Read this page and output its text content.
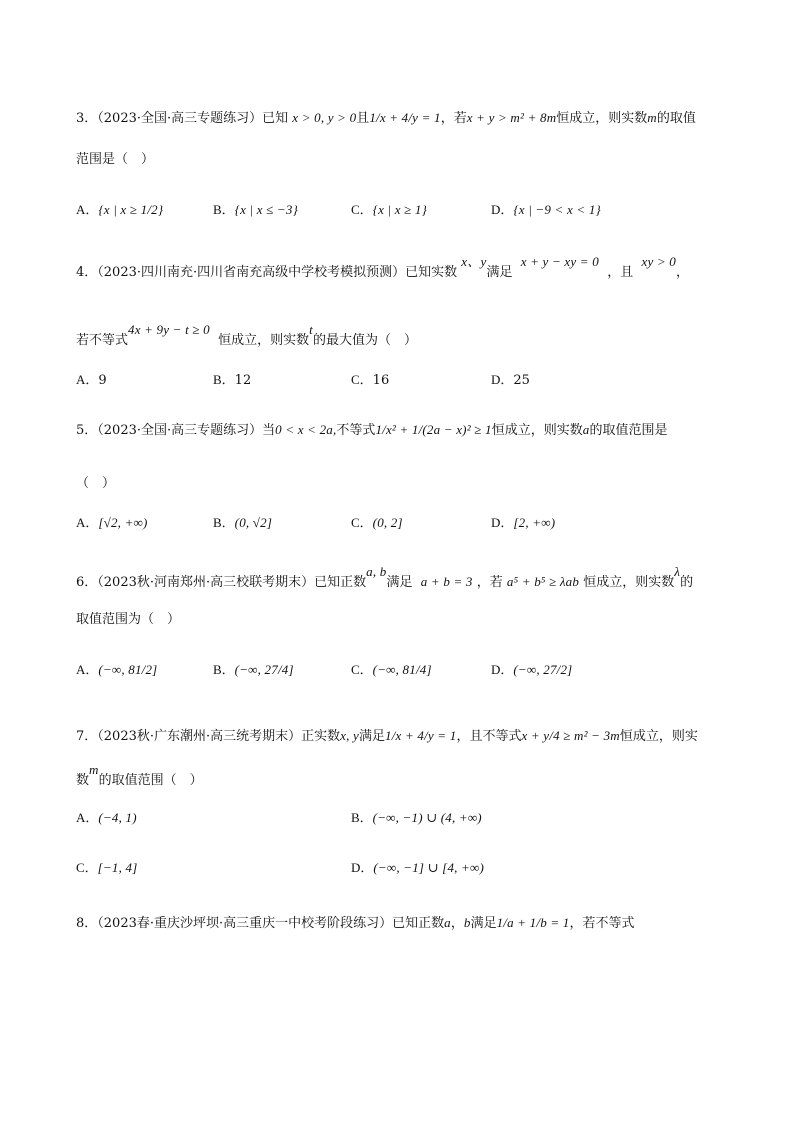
3．（2023·全国·高三专题练习）已知 x > 0, y > 0且1/x + 4/y = 1，若x + y > m² + 8m恒成立，则实数m的取值
范围是（　）
A．{x | x ≥ 1/2}	B．{x | x ≤ −3}	C．{x | x ≥ 1}	D．{x | −9 < x < 1}
4．（2023·四川南充·四川省南充高级中学校考模拟预测）已知实数 x、y满足  x + y − xy = 0  ，且  xy > 0，
若不等式4x + 9y − t ≥ 0  恒成立，则实数t的最大值为（　）
A．9	B．12	C．16	D．25
5．（2023·全国·高三专题练习）当0 < x < 2a,不等式1/x² + 1/(2a − x)² ≥ 1恒成立，则实数a的取值范围是
（　）
A．[√2, +∞)	B．(0, √2]	C．(0, 2]	D．[2, +∞)
6．（2023秋·河南郑州·高三校联考期末）已知正数a, b满足 a + b = 3 ，若 a⁵ + b⁵ ≥ λab 恒成立，则实数λ的
取值范围为（　）
A．(−∞, 81/2]	B．(−∞, 27/4]	C．(−∞, 81/4]	D．(−∞, 27/2]
7．（2023秋·广东潮州·高三统考期末）正实数x, y满足1/x + 4/y = 1，且不等式x + y/4 ≥ m² − 3m恒成立，则实
数m的取值范围（　）
A．(−4, 1)	B．(−∞, −1) ∪ (4, +∞)
C．[−1, 4]	D．(−∞, −1] ∪ [4, +∞)
8．（2023春·重庆沙坪坝·高三重庆一中校考阶段练习）已知正数a，b满足1/a + 1/b = 1，若不等式
